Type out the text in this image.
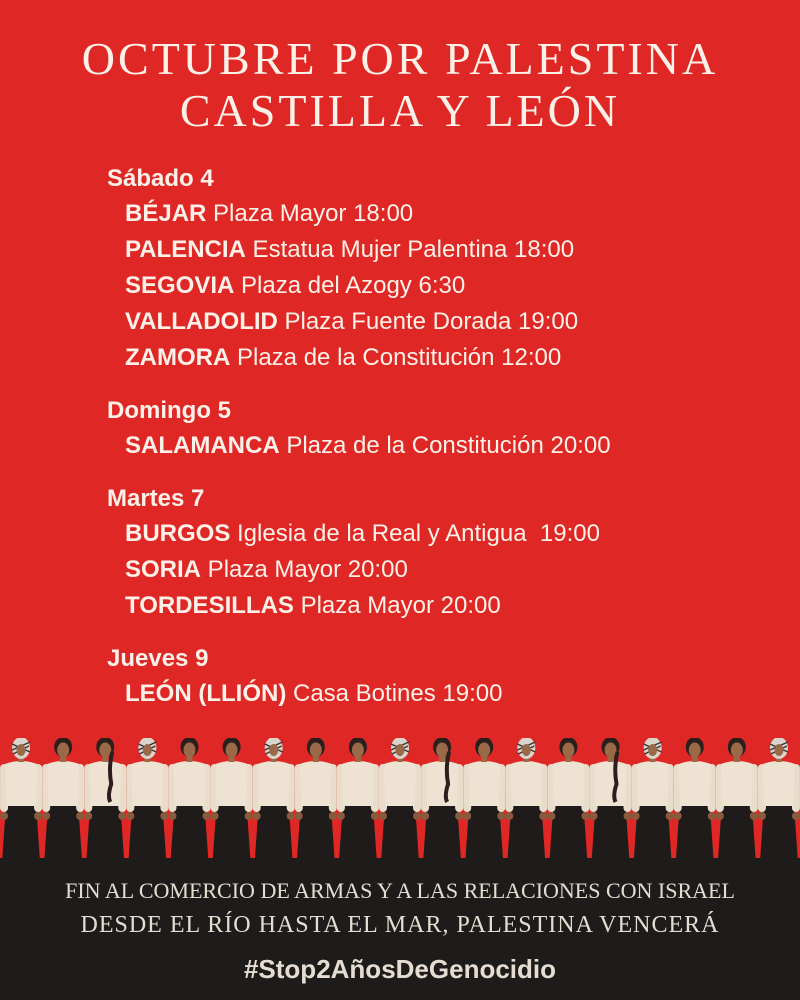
OCTUBRE POR PALESTINA
CASTILLA Y LEÓN
Sábado 4
BÉJAR Plaza Mayor 18:00
PALENCIA Estatua Mujer Palentina 18:00
SEGOVIA Plaza del Azogy 6:30
VALLADOLID Plaza Fuente Dorada 19:00
ZAMORA Plaza de la Constitución 12:00
Domingo 5
SALAMANCA Plaza de la Constitución 20:00
Martes 7
BURGOS Iglesia de la Real y Antigua  19:00
SORIA Plaza Mayor 20:00
TORDESILLAS Plaza Mayor 20:00
Jueves 9
LEÓN (LLIÓN) Casa Botines 19:00
FIN AL COMERCIO DE ARMAS Y A LAS RELACIONES CON ISRAEL
DESDE EL RÍO HASTA EL MAR, PALESTINA VENCERÁ
#Stop2AñosDeGenocidio
